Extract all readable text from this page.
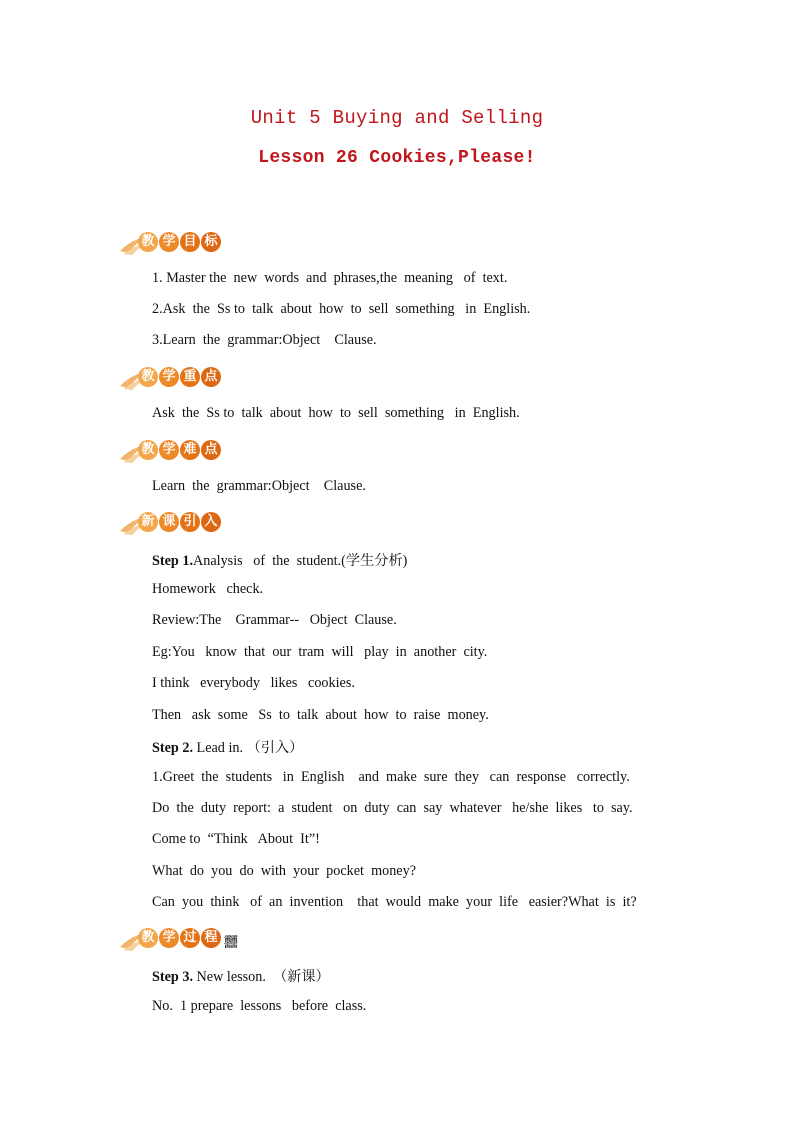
Unit 5 Buying and Selling
Lesson 26 Cookies,Please!
教 学 目 标
1. Master the  new  words  and  phrases,the  meaning   of  text.
2.Ask  the  Ss to  talk  about  how  to  sell  something   in  English.
3.Learn  the  grammar:Object    Clause.
教 学 重 点
Ask  the  Ss to  talk  about  how  to  sell  something   in  English.
教 学 难 点
Learn  the  grammar:Object    Clause.
新 课 引 入
Step 1.Analysis   of  the  student.(学生分析)
Homework   check.
Review:The    Grammar--   Object  Clause.
Eg:You   know  that  our  tram  will   play  in  another  city.
I think   everybody   likes   cookies.
Then   ask  some   Ss  to  talk  about  how  to  raise  money.
Step 2. Lead in. （引入）
1.Greet  the  students   in  English    and  make  sure  they   can  response   correctly.
Do  the  duty  report:  a  student   on  duty  can  say  whatever   he/she  likes   to  say.
Come to  “Think   About  It”!
What  do  you  do  with  your  pocket  money?
Can  you  think   of  an  invention    that  would  make  your  life   easier?What  is  it?
教 学 过 程 䨻
Step 3. New lesson.  （新课）
No.  1 prepare  lessons   before  class.
